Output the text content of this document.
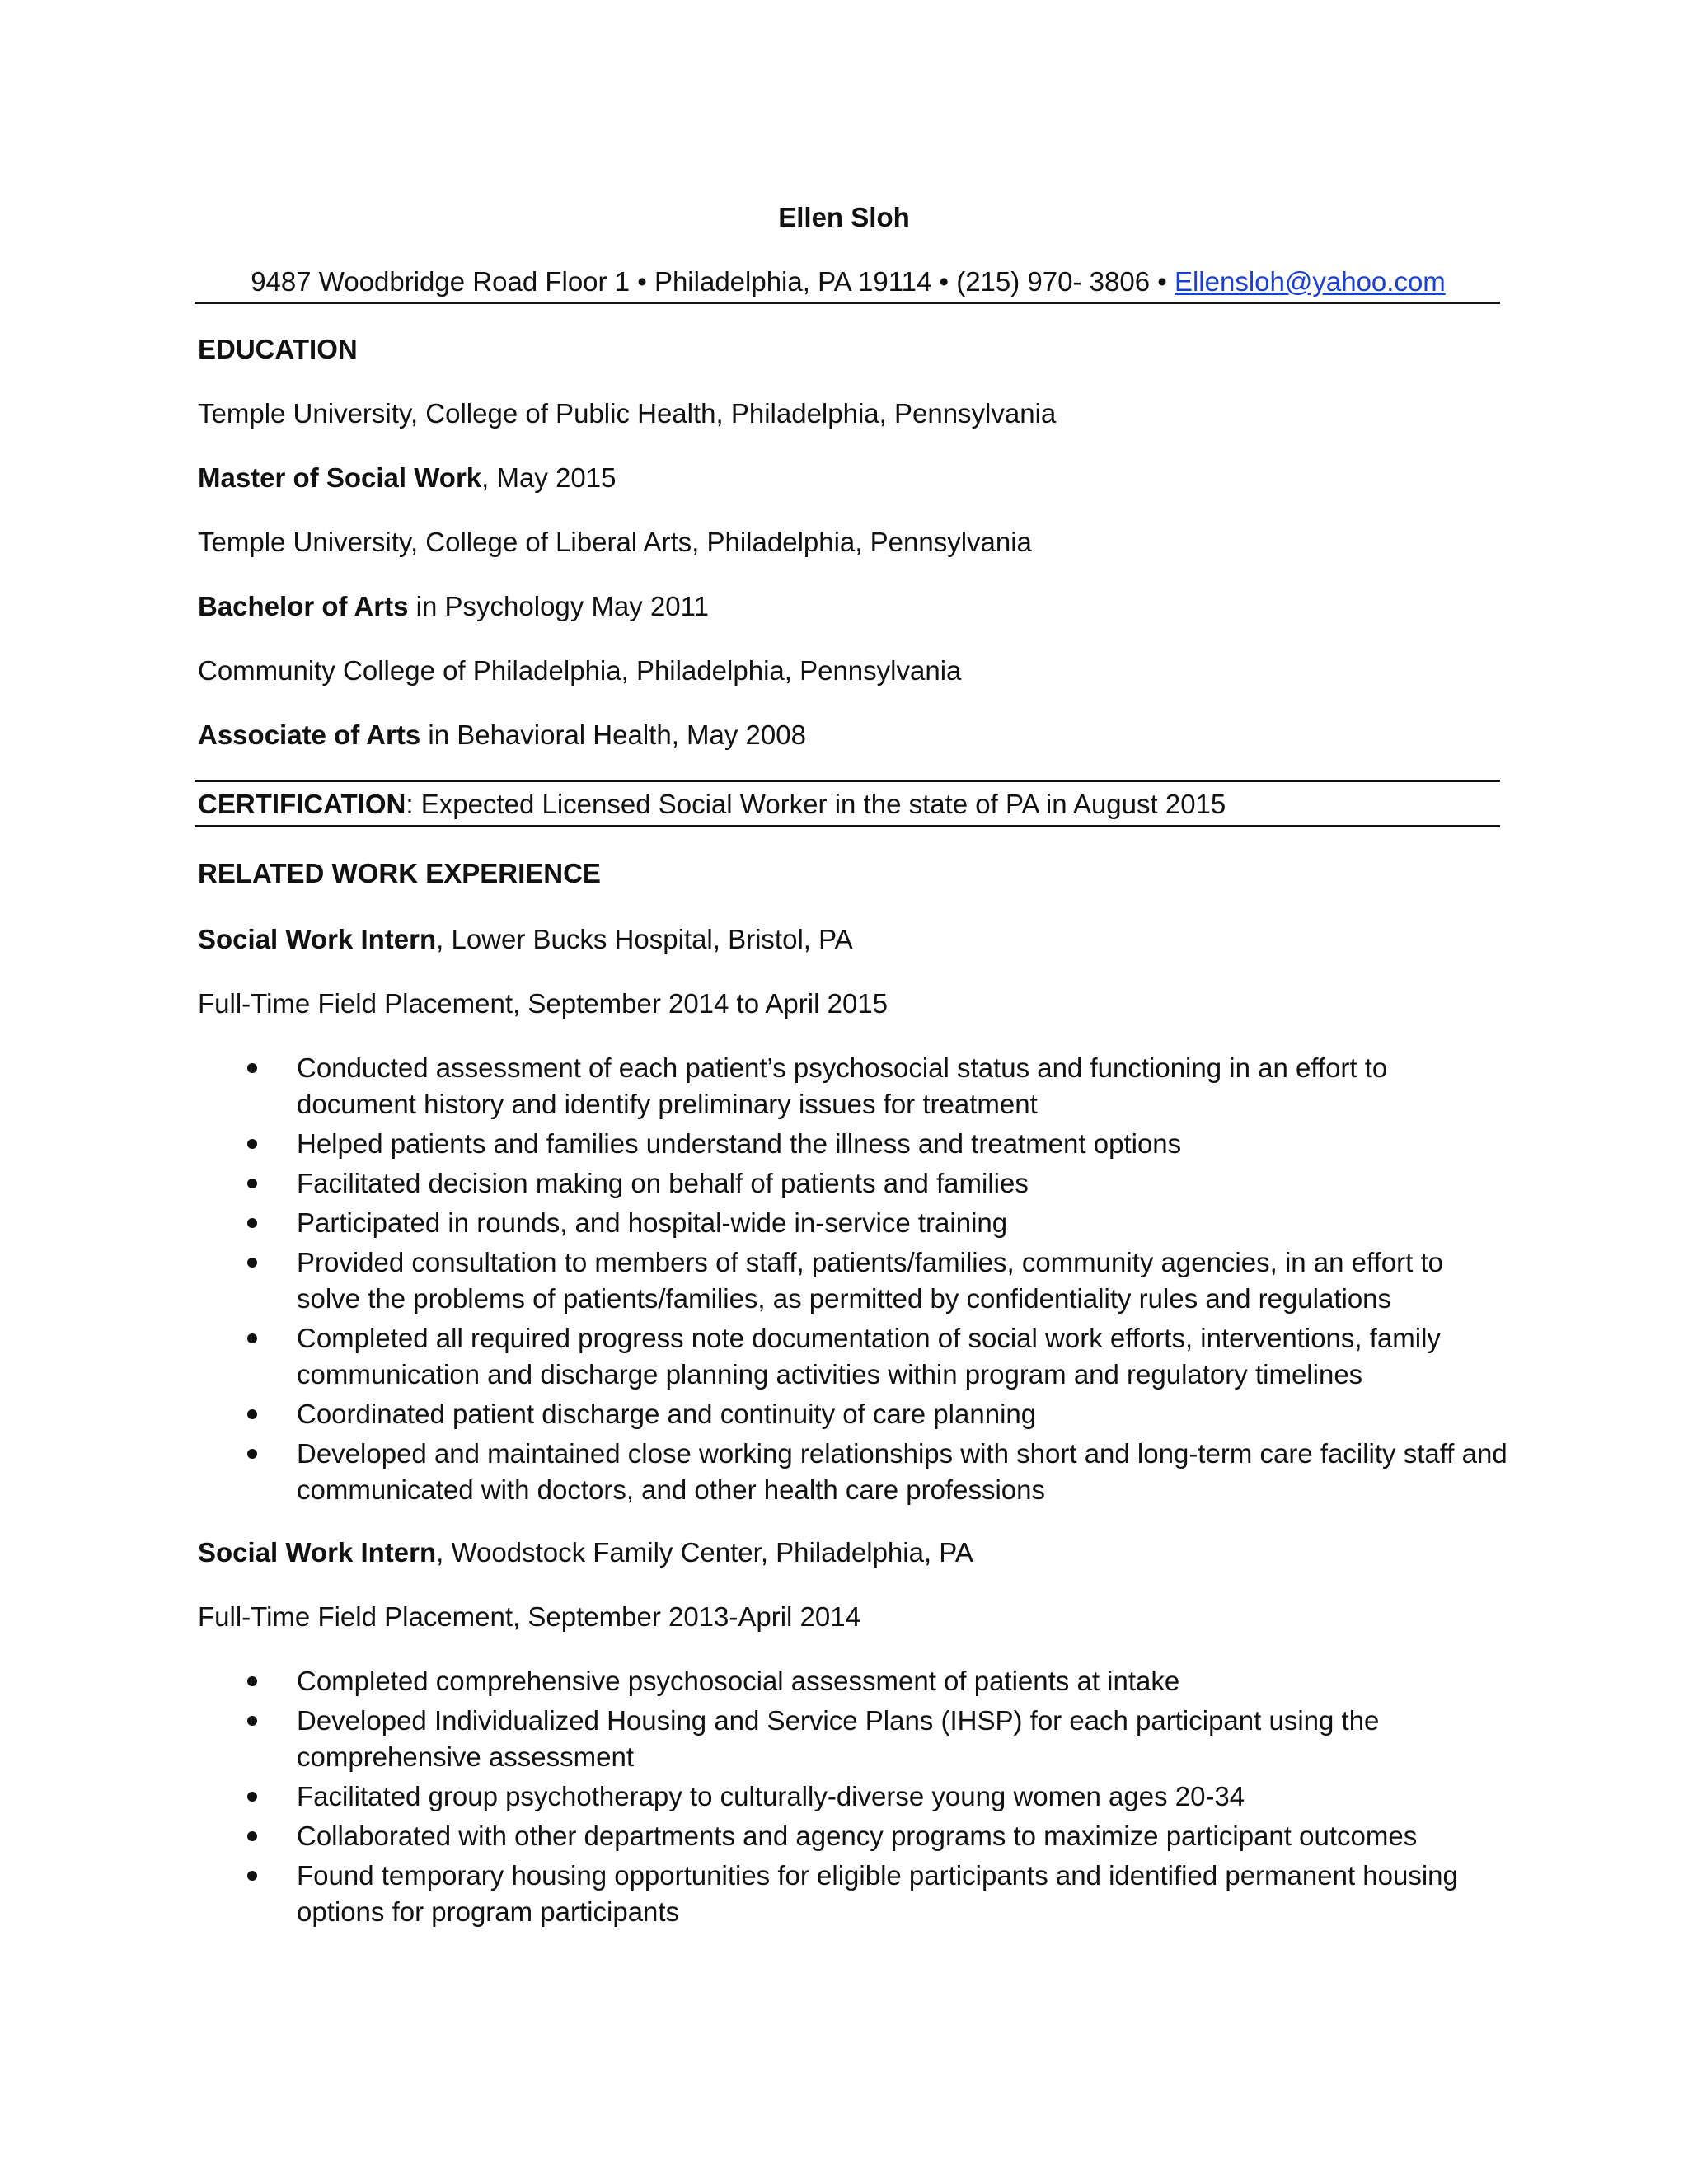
Ellen Sloh
9487 Woodbridge Road Floor 1 • Philadelphia, PA 19114 • (215) 970- 3806 • Ellensloh@yahoo.com
EDUCATION
Temple University, College of Public Health, Philadelphia, Pennsylvania
Master of Social Work, May 2015
Temple University, College of Liberal Arts, Philadelphia, Pennsylvania
Bachelor of Arts in Psychology May 2011
Community College of Philadelphia, Philadelphia, Pennsylvania
Associate of Arts in Behavioral Health, May 2008
CERTIFICATION: Expected Licensed Social Worker in the state of PA in August 2015
RELATED WORK EXPERIENCE
Social Work Intern, Lower Bucks Hospital, Bristol, PA
Full-Time Field Placement, September 2014 to April 2015
Conducted assessment of each patient’s psychosocial status and functioning in an effort to document history and identify preliminary issues for treatment
Helped patients and families understand the illness and treatment options
Facilitated decision making on behalf of patients and families
Participated in rounds, and hospital-wide in-service training
Provided consultation to members of staff, patients/families, community agencies, in an effort to solve the problems of patients/families, as permitted by confidentiality rules and regulations
Completed all required progress note documentation of social work efforts, interventions, family communication and discharge planning activities within program and regulatory timelines
Coordinated patient discharge and continuity of care planning
Developed and maintained close working relationships with short and long-term care facility staff and communicated with doctors, and other health care professions
Social Work Intern, Woodstock Family Center, Philadelphia, PA
Full-Time Field Placement, September 2013-April 2014
Completed comprehensive psychosocial assessment of patients at intake
Developed Individualized Housing and Service Plans (IHSP) for each participant using the comprehensive assessment
Facilitated group psychotherapy to culturally-diverse young women ages 20-34
Collaborated with other departments and agency programs to maximize participant outcomes
Found temporary housing opportunities for eligible participants and identified permanent housing options for program participants
